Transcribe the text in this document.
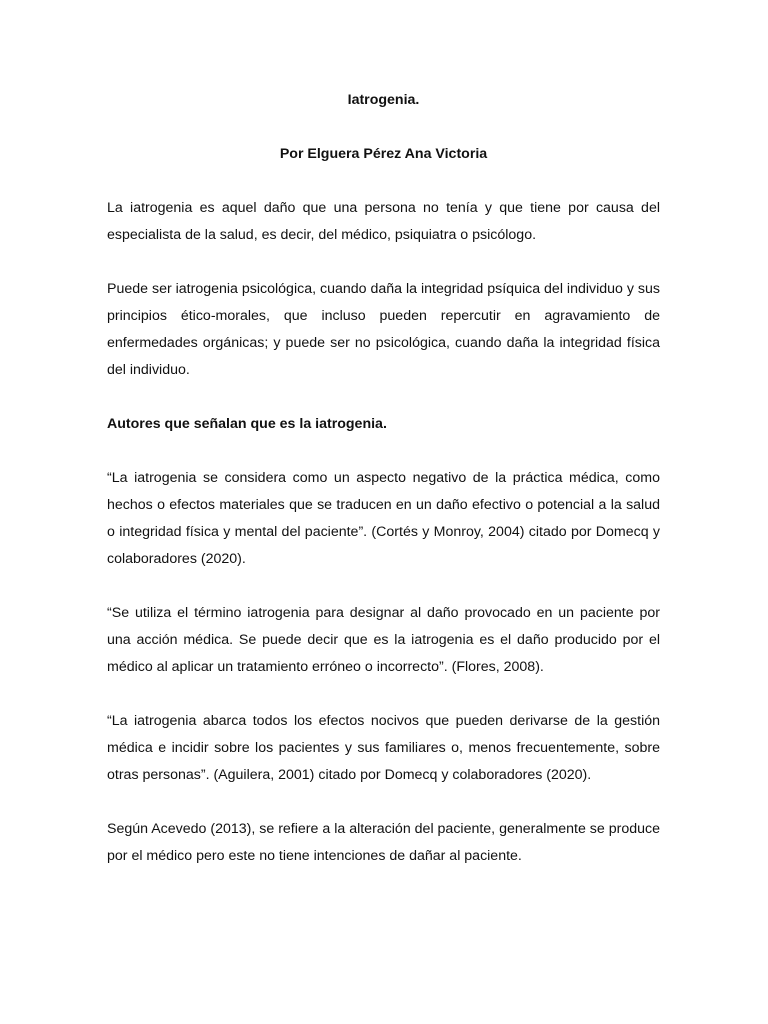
Iatrogenia.

Por Elguera Pérez Ana Victoria

La iatrogenia es aquel daño que una persona no tenía y que tiene por causa del especialista de la salud, es decir, del médico, psiquiatra o psicólogo.

Puede ser iatrogenia psicológica, cuando daña la integridad psíquica del individuo y sus principios ético-morales, que incluso pueden repercutir en agravamiento de enfermedades orgánicas; y puede ser no psicológica, cuando daña la integridad física del individuo.

Autores que señalan que es la iatrogenia.

“La iatrogenia se considera como un aspecto negativo de la práctica médica, como hechos o efectos materiales que se traducen en un daño efectivo o potencial a la salud o integridad física y mental del paciente”. (Cortés y Monroy, 2004) citado por Domecq y colaboradores (2020).

“Se utiliza el término iatrogenia para designar al daño provocado en un paciente por una acción médica. Se puede decir que es la iatrogenia es el daño producido por el médico al aplicar un tratamiento erróneo o incorrecto”. (Flores, 2008).

“La iatrogenia abarca todos los efectos nocivos que pueden derivarse de la gestión médica e incidir sobre los pacientes y sus familiares o, menos frecuentemente, sobre otras personas”. (Aguilera, 2001) citado por Domecq y colaboradores (2020).

Según Acevedo (2013), se refiere a la alteración del paciente, generalmente se produce por el médico pero este no tiene intenciones de dañar al paciente.
